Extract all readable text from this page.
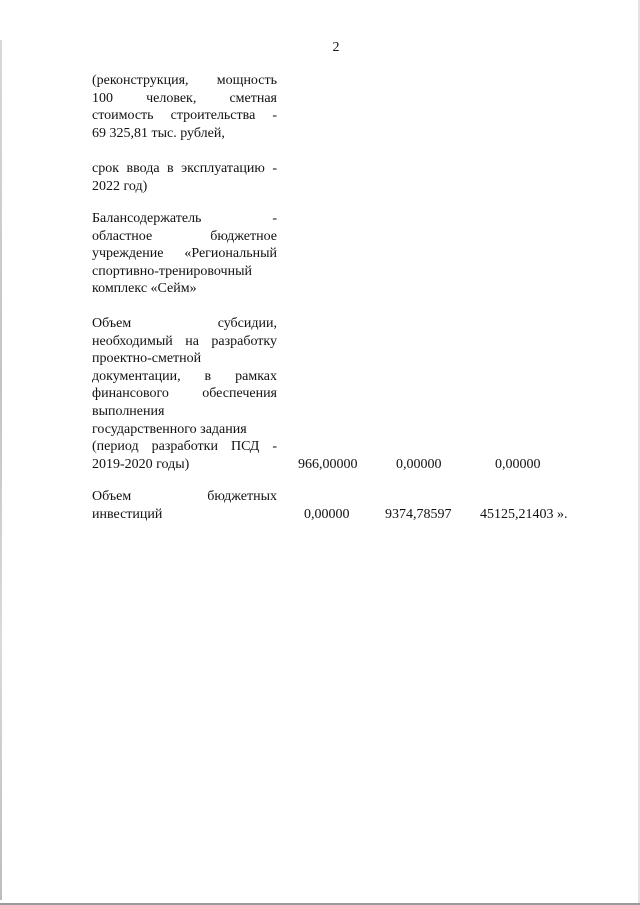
2
(реконструкция, мощность
100 человек, сметная
стоимость строительства -
69 325,81 тыс. рублей,
срок ввода в эксплуатацию -
2022 год)
Балансодержатель -
областное бюджетное
учреждение «Региональный
спортивно-тренировочный
комплекс «Сейм»
Объем субсидии,
необходимый на разработку
проектно-сметной
документации, в рамках
финансового обеспечения
выполнения
государственного задания
(период разработки ПСД -
2019-2020 годы)	966,00000	0,00000	0,00000
Объем бюджетных
инвестиций	0,00000	9374,78597 45125,21403 ».
